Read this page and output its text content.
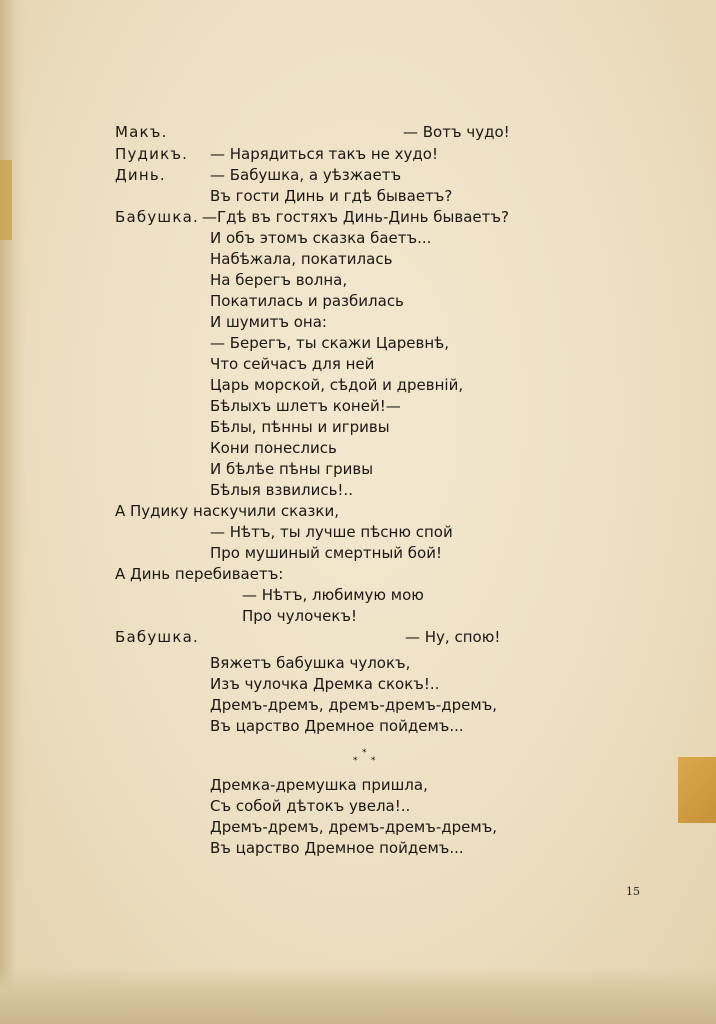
Макъ.	— Вотъ чудо!
Пудикъ. — Нарядиться такъ не худо!
Динь.	— Бабушка, а уѣзжаетъ
Въ гости Динь и гдѣ бываетъ?
Бабушка. —Гдѣ въ гостяхъ Динь-Динь бываетъ?
И объ этомъ сказка баетъ...
Набѣжала, покатилась
На берегъ волна,
Покатилась и разбилась
И шумитъ она:
— Берегъ, ты скажи Царевнѣ,
Что сейчасъ для ней
Царь морской, сѣдой и древній,
Бѣлыхъ шлетъ коней!—
Бѣлы, пѣнны и игривы
Кони понеслись
И бѣлѣе пѣны гривы
Бѣлыя взвились!..
А Пудику наскучили сказки,
— Нѣтъ, ты лучше пѣсню спой
Про мушиный смертный бой!
А Динь перебиваетъ:
— Нѣтъ, любимую мою
Про чулочекъ!
Бабушка.	— Ну, спою!
Вяжетъ бабушка чулокъ,
Изъ чулочка Дремка скокъ!..
Дремъ-дремъ, дремъ-дремъ-дремъ,
Въ царство Дремное пойдемъ...
*
* *
Дремка-дремушка пришла,
Съ собой дѣтокъ увела!..
Дремъ-дремъ, дремъ-дремъ-дремъ,
Въ царство Дремное пойдемъ...
15
